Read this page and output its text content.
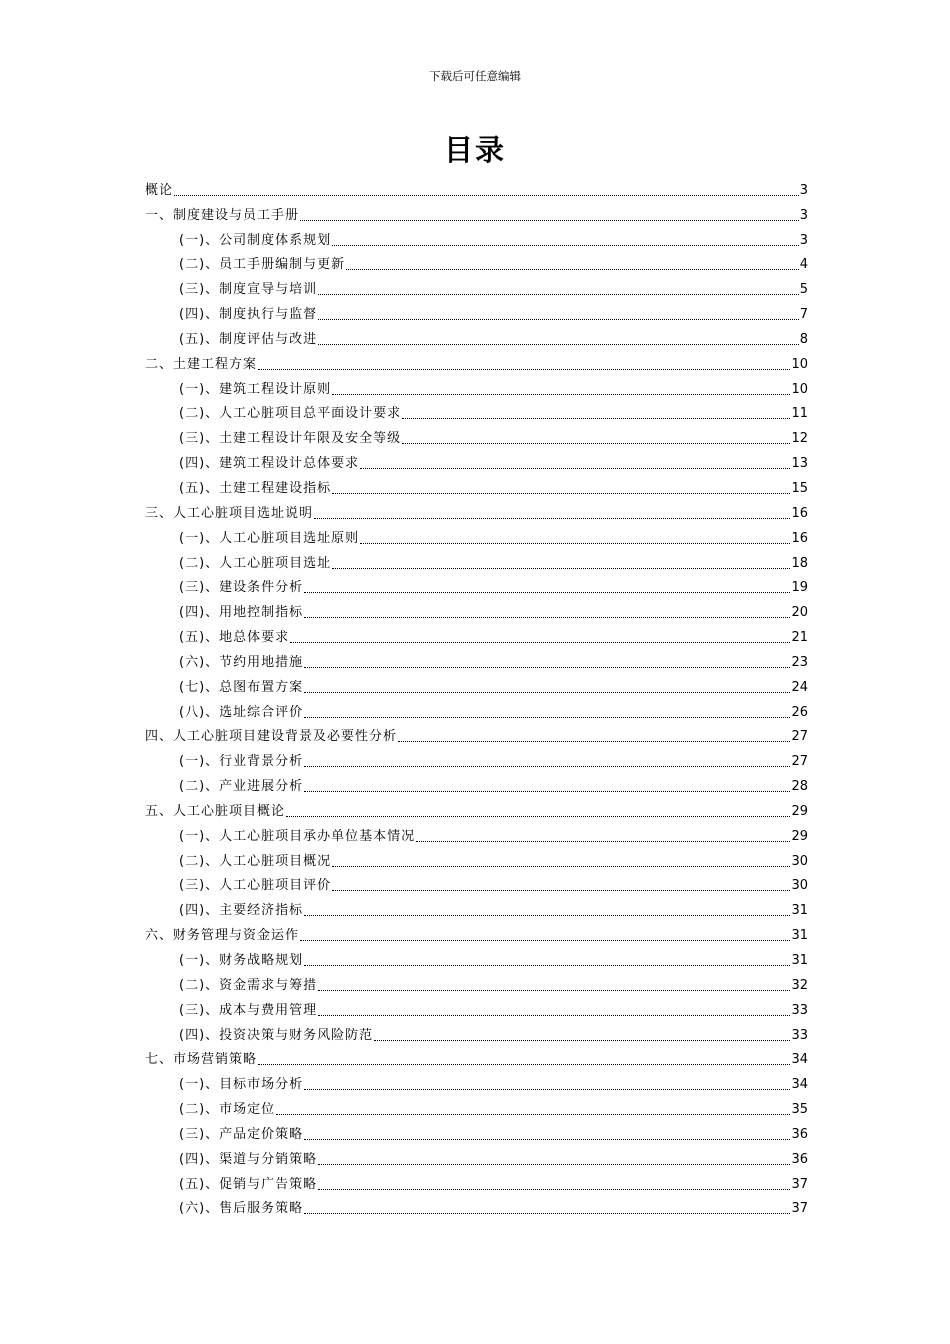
下载后可任意编辑
目录
概论	3
一、制度建设与员工手册	3
(一)、公司制度体系规划	3
(二)、员工手册编制与更新	4
(三)、制度宣导与培训	5
(四)、制度执行与监督	7
(五)、制度评估与改进	8
二、土建工程方案	10
(一)、建筑工程设计原则	10
(二)、人工心脏项目总平面设计要求	11
(三)、土建工程设计年限及安全等级	12
(四)、建筑工程设计总体要求	13
(五)、土建工程建设指标	15
三、人工心脏项目选址说明	16
(一)、人工心脏项目选址原则	16
(二)、人工心脏项目选址	18
(三)、建设条件分析	19
(四)、用地控制指标	20
(五)、地总体要求	21
(六)、节约用地措施	23
(七)、总图布置方案	24
(八)、选址综合评价	26
四、人工心脏项目建设背景及必要性分析	27
(一)、行业背景分析	27
(二)、产业进展分析	28
五、人工心脏项目概论	29
(一)、人工心脏项目承办单位基本情况	29
(二)、人工心脏项目概况	30
(三)、人工心脏项目评价	30
(四)、主要经济指标	31
六、财务管理与资金运作	31
(一)、财务战略规划	31
(二)、资金需求与筹措	32
(三)、成本与费用管理	33
(四)、投资决策与财务风险防范	33
七、市场营销策略	34
(一)、目标市场分析	34
(二)、市场定位	35
(三)、产品定价策略	36
(四)、渠道与分销策略	36
(五)、促销与广告策略	37
(六)、售后服务策略	37
